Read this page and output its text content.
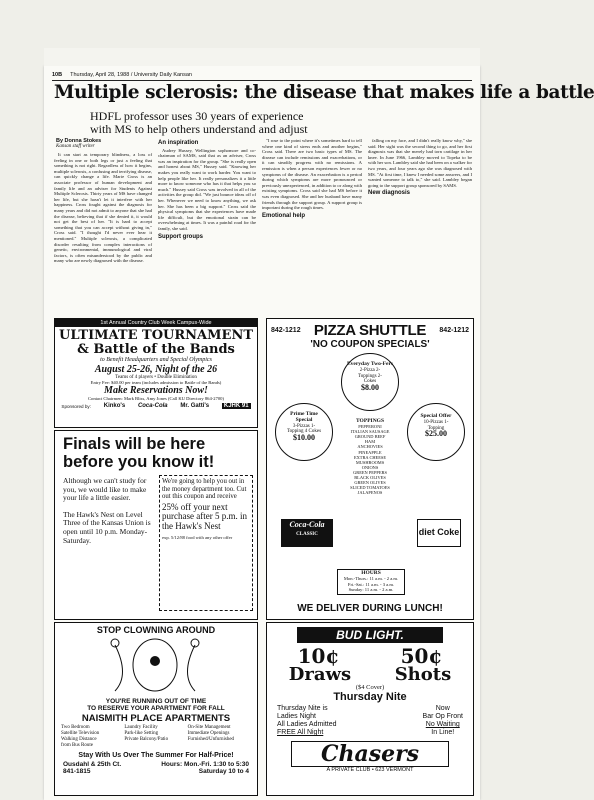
10B Thursday, April 28, 1988 / University Daily Kansan
Multiple sclerosis: the disease that makes life a battle
HDFL professor uses 30 years of experience
with MS to help others understand and adjust
By Donna Stokes
Kansan staff writer

It can start as temporary blindness, a loss of feeling in one or both legs or just a feeling that something is not right. Regardless of how it begins, multiple sclerosis, a confusing and terrifying disease, can quickly change a life. Marie Cross is an associate professor of human development and family life and an adviser for Students Against Multiple Sclerosis. Thirty years of MS have changed her life, but she hasn't let it interfere with her happiness. Cross fought against the diagnosis for many years and did not admit to anyone that she had the disease, believing that if she denied it, it would not get the best of her. "It is hard to accept something that you can accept without giving in," Cross said. "I thought I'd never ever hear it mentioned." Multiple sclerosis, a complicated disorder resulting from complex interactions of genetic, environmental, immunological and viral factors, is often misunderstood by the public and many who are newly diagnosed with the disease.

An inspiration

Audrey Hussey, Wellington sophomore and co-chairman of SAMS, said that as an adviser, Cross was an inspiration for the group. "She is really open and honest about MS," Hussey said. "Knowing her makes you really want to work harder. You want to help people like her. It really personalizes it a little more to know someone who has it that helps you so much." Hussey said Cross was involved in all of the activities the group did. "We just bounce ideas off of her. Whenever we need to know anything, we ask her. She has been a big support." Cross said the physical symptoms that she experiences have made life difficult, but the emotional strain can be overwhelming at times. It was a painful road for the family, she said.

Support groups

"I rose to the point where it's sometimes hard to tell where one kind of stress ends and another begins," Cross said. There are two basic types of MS. The disease can include remissions and exacerbations, or it can steadily progress with no remissions. A remission is when a person experiences fewer or no symptoms of the disease. An exacerbation is a period during which symptoms are more pronounced or previously unexperienced, in addition to or along with existing symptoms. Cross said she had MS before it was even diagnosed. She and her husband have many friends through the support group. A support group is important during the rough times.

Emotional help

falling on my face, and I didn't really know why," she said. Her sight was the second thing to go, and her first diagnosis was that she merely had torn cartilage in her knee. In June 1966, Lambley moved to Topeka to be with her son. Lambley said she had been on a walker for two years, and four years ago she was diagnosed with MS. "At first time, I knew I needed some answers, and I wanted someone to talk to," she said. Lambley began going to the support group sponsored by SAMS.

New diagnosis
1st Annual Country Club Week Campus-Wide
ULTIMATE TOURNAMENT
& Battle of the Bands
to Benefit Headquarters and Special Olympics
August 25-26, Night of the 26
Teams of 4 players • Double Elimination
Entry Fee: $40.00 per team (includes admission to Battle of the Bands)
Make Reservations Now!
Contact Chairmen: Mark Bliss, Amy Jones (Call KU Directory 864-2700)
Sponsored by: Kinko's Coca-Cola Mr. Gatti's	KJHK 91
Finals will be here
before you know it!
Although we can't study for you, we would like to make your life a little easier.
The Hawk's Nest on Level Three of the Kansas Union is open until 10 p.m. Monday-Saturday.
We're going to help you out in the money department too. Cut out this coupon and receive
25% off your next purchase after 5 p.m. in the Hawk's Nest
exp. 5/12/88 food with any other offer
STOP CLOWNING AROUND
YOU'RE RUNNING OUT OF TIME
TO RESERVE YOUR APARTMENT FOR FALL
NAISMITH PLACE APARTMENTS
Two Bedroom	Laundry Facility	On-Site Management
Satellite Television	Park-like Setting	Immediate Openings
Walking Distance	Private Balcony/Patio	Furnished/Unfurnished
from Bus Route
Stay With Us Over The Summer For Half-Price!
Ousdahl & 25th Ct.
841-1815
Hours: Mon.-Fri. 1:30 to 5:30
Saturday 10 to 4
842-1212 PIZZA SHUTTLE 842-1212
'NO COUPON SPECIALS'
Everyday Two-Fers
2-Pizza 2-Toppings 2-Cokes
$8.00
Prime Time Special
3-Pizzas 1-Topping 4 Cokes
$10.00
Special Offer
10-Pizzas 1-Topping
$25.00
TOPPINGS
PEPPERONI
ITALIAN SAUSAGE
GROUND BEEF
HAM
ANCHOVIES
PINEAPPLE
EXTRA CHEESE
MUSHROOMS
ONIONS
GREEN PEPPERS
BLACK OLIVES
GREEN OLIVES
SLICED TOMATOES
JALAPENOS
Coca-Cola
CLASSIC	diet Coke
HOURS
Mon.-Thurs.: 11 a.m. - 2 a.m.
Fri.-Sat.: 11 a.m. - 3 a.m.
Sunday: 11 a.m. - 2 a.m.
WE DELIVER DURING LUNCH!
BUD LIGHT.
10¢	50¢
Draws Shots
($4 Cover)
Thursday Nite
Thursday Nite is
Ladies Night
All Ladies Admitted
FREE All Night
Now
Bar Op Front
No Waiting
In Line!
Chasers
A PRIVATE CLUB • 623 VERMONT
